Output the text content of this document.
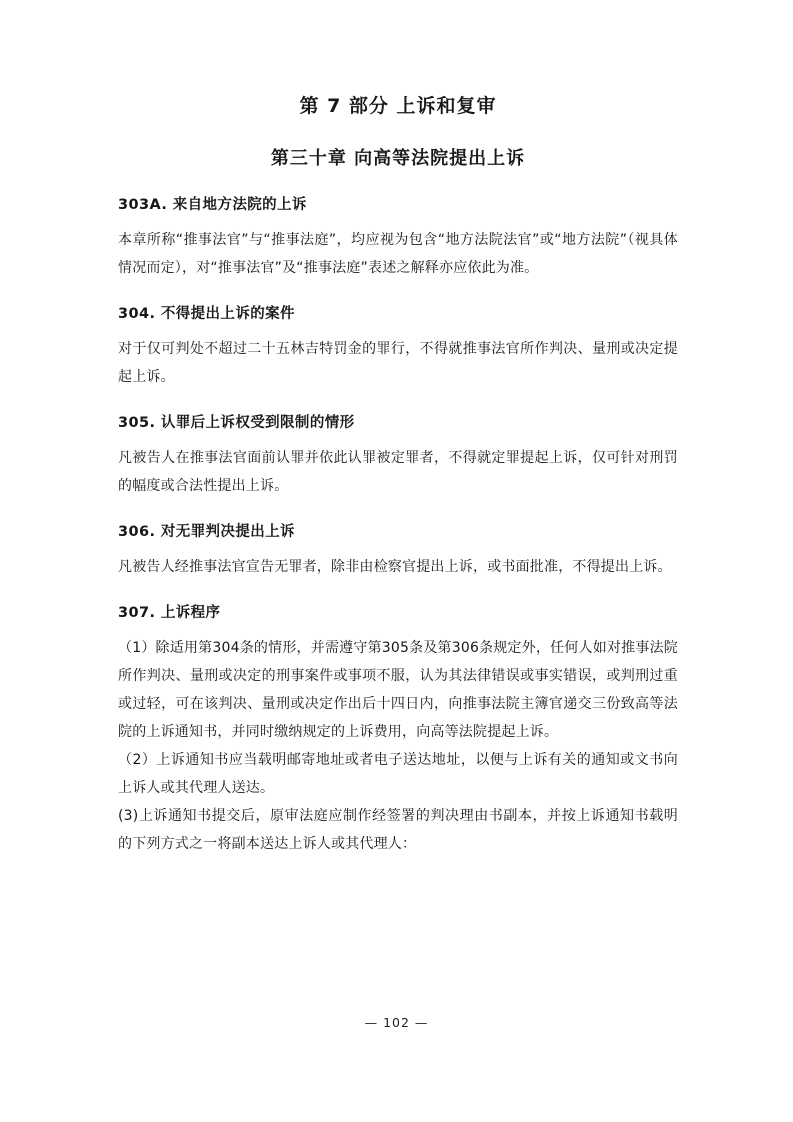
第 7 部分 上诉和复审
第三十章 向高等法院提出上诉
303A. 来自地方法院的上诉

本章所称“推事法官”与“推事法庭”，均应视为包含“地方法院法官”或“地方法院”（视具体情况而定），对“推事法官”及“推事法庭”表述之解释亦应依此为准。

304. 不得提出上诉的案件

对于仅可判处不超过二十五林吉特罚金的罪行，不得就推事法官所作判决、量刑或决定提起上诉。

305. 认罪后上诉权受到限制的情形

凡被告人在推事法官面前认罪并依此认罪被定罪者，不得就定罪提起上诉，仅可针对刑罚的幅度或合法性提出上诉。

306. 对无罪判决提出上诉

凡被告人经推事法官宣告无罪者，除非由检察官提出上诉，或书面批准，不得提出上诉。

307. 上诉程序

（1）除适用第304条的情形，并需遵守第305条及第306条规定外，任何人如对推事法院所作判决、量刑或决定的刑事案件或事项不服，认为其法律错误或事实错误，或判刑过重或过轻，可在该判决、量刑或决定作出后十四日内，向推事法院主簿官递交三份致高等法院的上诉通知书，并同时缴纳规定的上诉费用，向高等法院提起上诉。

（2）上诉通知书应当载明邮寄地址或者电子送达地址，以便与上诉有关的通知或文书向上诉人或其代理人送达。

(3)上诉通知书提交后，原审法庭应制作经签署的判决理由书副本，并按上诉通知书载明的下列方式之一将副本送达上诉人或其代理人：

— 102 —
